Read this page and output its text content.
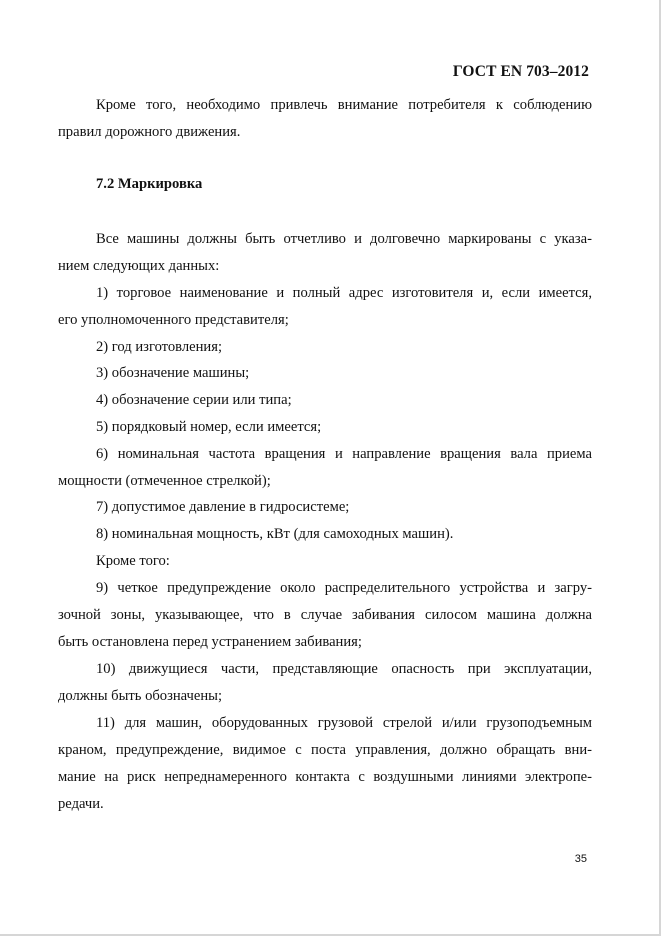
ГОСТ EN 703–2012
Кроме того, необходимо привлечь внимание потребителя к соблюдению
правил дорожного движения.
7.2 Маркировка
Все машины должны быть отчетливо и долговечно маркированы с указа-
нием следующих данных:
1) торговое наименование и полный адрес изготовителя и, если имеется,
его уполномоченного представителя;
2) год изготовления;
3) обозначение машины;
4) обозначение серии или типа;
5) порядковый номер, если имеется;
6) номинальная частота вращения и направление вращения вала приема
мощности (отмеченное стрелкой);
7) допустимое давление в гидросистеме;
8) номинальная мощность, кВт (для самоходных машин).
Кроме того:
9) четкое предупреждение около распределительного устройства и загру-
зочной зоны, указывающее, что в случае забивания силосом машина должна
быть остановлена перед устранением забивания;
10) движущиеся части, представляющие опасность при эксплуатации,
должны быть обозначены;
11) для машин, оборудованных грузовой стрелой и/или грузоподъемным
краном, предупреждение, видимое с поста управления, должно обращать вни-
мание на риск непреднамеренного контакта с воздушными линиями электропе-
редачи.
35
